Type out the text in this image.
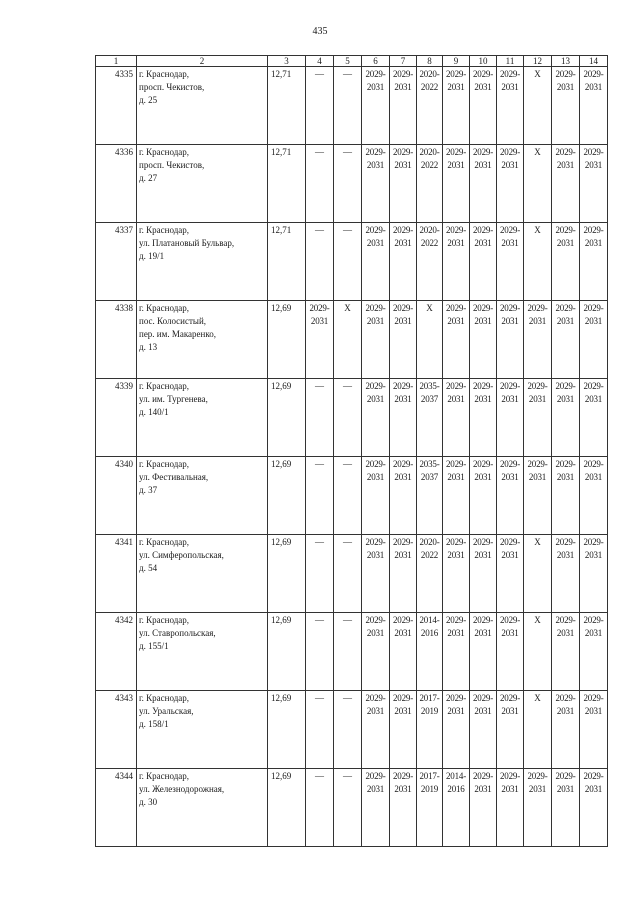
435
1	2	3	4	5	6	7	8	9	10	11	12	13	14
4335	г. Краснодар,
просп. Чекистов,
д. 25	12,71	—	—	2029-
2031	2029-
2031	2020-
2022	2029-
2031	2029-
2031	2029-
2031	Х	2029-
2031	2029-
2031

4336	г. Краснодар,
просп. Чекистов,
д. 27	12,71	—	—	2029-
2031	2029-
2031	2020-
2022	2029-
2031	2029-
2031	2029-
2031	Х	2029-
2031	2029-
2031

4337	г. Краснодар,
ул. Платановый Бульвар,
д. 19/1	12,71	—	—	2029-
2031	2029-
2031	2020-
2022	2029-
2031	2029-
2031	2029-
2031	Х	2029-
2031	2029-
2031

4338	г. Краснодар,
пос. Колосистый,
пер. им. Макаренко,
д. 13	12,69	2029-
2031	Х	2029-
2031	2029-
2031	Х	2029-
2031	2029-
2031	2029-
2031	2029-
2031	2029-
2031	2029-
2031

4339	г. Краснодар,
ул. им. Тургенева,
д. 140/1	12,69	—	—	2029-
2031	2029-
2031	2035-
2037	2029-
2031	2029-
2031	2029-
2031	2029-
2031	2029-
2031	2029-
2031

4340	г. Краснодар,
ул. Фестивальная,
д. 37	12,69	—	—	2029-
2031	2029-
2031	2035-
2037	2029-
2031	2029-
2031	2029-
2031	2029-
2031	2029-
2031	2029-
2031

4341	г. Краснодар,
ул. Симферопольская,
д. 54	12,69	—	—	2029-
2031	2029-
2031	2020-
2022	2029-
2031	2029-
2031	2029-
2031	Х	2029-
2031	2029-
2031

4342	г. Краснодар,
ул. Ставропольская,
д. 155/1	12,69	—	—	2029-
2031	2029-
2031	2014-
2016	2029-
2031	2029-
2031	2029-
2031	Х	2029-
2031	2029-
2031

4343	г. Краснодар,
ул. Уральская,
д. 158/1	12,69	—	—	2029-
2031	2029-
2031	2017-
2019	2029-
2031	2029-
2031	2029-
2031	Х	2029-
2031	2029-
2031

4344	г. Краснодар,
ул. Железнодорожная,
д. 30	12,69	—	—	2029-
2031	2029-
2031	2017-
2019	2014-
2016	2029-
2031	2029-
2031	2029-
2031	2029-
2031	2029-
2031
